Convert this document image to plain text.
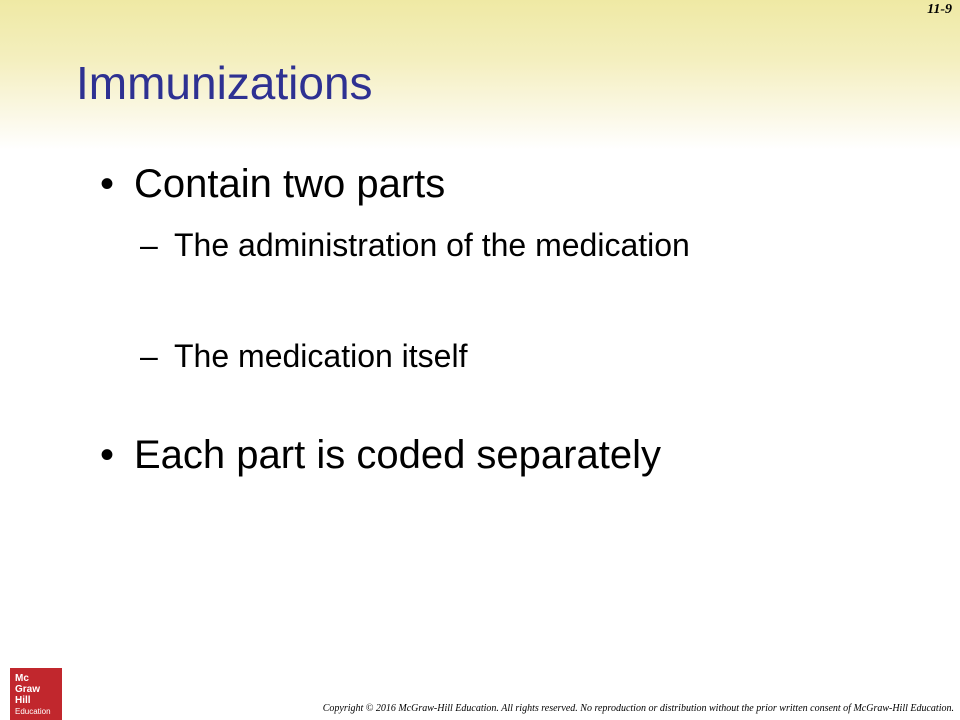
11-9
Immunizations
• Contain two parts
– The administration of the medication
– The medication itself
• Each part is coded separately
Mc
Graw
Hill
Education	Copyright © 2016 McGraw-Hill Education. All rights reserved. No reproduction or distribution without the prior written consent of McGraw-Hill Education.
